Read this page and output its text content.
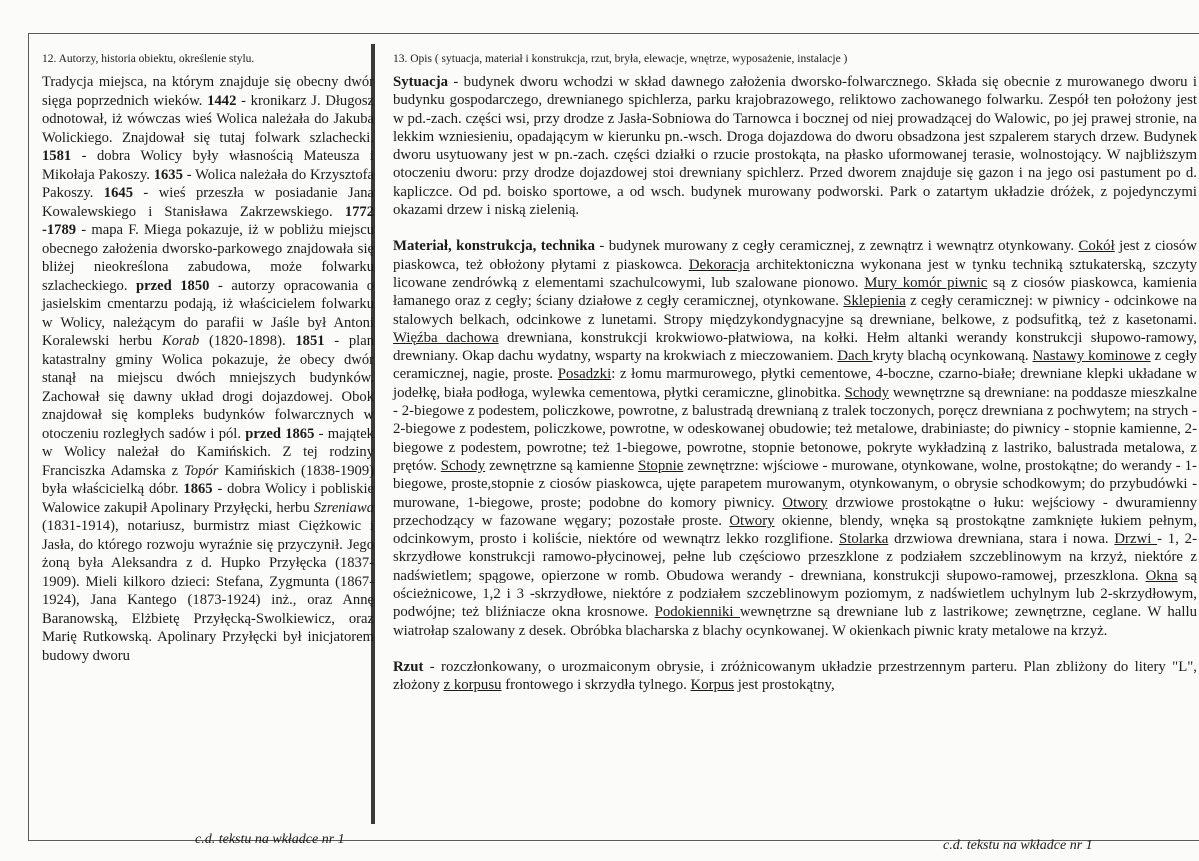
12. Autorzy, historia obiektu, określenie stylu.

Tradycja miejsca, na którym znajduje się obecny dwór sięga poprzednich wieków. 1442 - kronikarz J. Długosz odnotował, iż wówczas wieś Wolica należała do Jakuba Wolickiego. Znajdował się tutaj folwark szlachecki. 1581 - dobra Wolicy były własnością Mateusza i Mikołaja Pakoszy. 1635 - Wolica należała do Krzysztofa Pakoszy. 1645 - wieś przeszła w posiadanie Jana Kowalewskiego i Stanisława Zakrzewskiego. 1772 -1789 - mapa F. Miega pokazuje, iż w pobliżu miejscu obecnego założenia dworsko-parkowego znajdowała się bliżej nieokreślona zabudowa, może folwarku szlacheckiego. przed 1850 - autorzy opracowania o jasielskim cmentarzu podają, iż właścicielem folwarku w Wolicy, należącym do parafii w Jaśle był Antoni Koralewski herbu Korab (1820-1898). 1851 - plan katastralny gminy Wolica pokazuje, że obecy dwór stanął na miejscu dwóch mniejszych budynków. Zachował się dawny układ drogi dojazdowej. Obok znajdował się kompleks budynków folwarcznych w otoczeniu rozległych sadów i pól. przed 1865 - majątek w Wolicy należał do Kamińskich. Z tej rodziny Franciszka Adamska z Topór Kamińskich (1838-1909) była właścicielką dóbr. 1865 - dobra Wolicy i pobliskie Walowice zakupił Apolinary Przyłęcki, herbu Szreniawa (1831-1914), notariusz, burmistrz miast Ciężkowic i Jasła, do którego rozwoju wyraźnie się przyczynił. Jego żoną była Aleksandra z d. Hupko Przyłęcka (1837-1909). Mieli kilkoro dzieci: Stefana, Zygmunta (1867-1924), Jana Kantego (1873-1924) inż., oraz Annę Baranowską, Elżbietę Przyłęcką-Swolkiewicz, oraz Marię Rutkowską. Apolinary Przyłęcki był inicjatorem budowy dworu

13. Opis ( sytuacja, materiał i konstrukcja, rzut, bryła, elewacje, wnętrze, wyposażenie, instalacje )

Sytuacja - budynek dworu wchodzi w skład dawnego założenia dworsko-folwarcznego. Składa się obecnie z murowanego dworu i budynku gospodarczego, drewnianego spichlerza, parku krajobrazowego, reliktowo zachowanego folwarku. Zespół ten położony jest w pd.-zach. części wsi, przy drodze z Jasła-Sobniowa do Tarnowca i bocznej od niej prowadzącej do Walowic, po jej prawej stronie, na lekkim wzniesieniu, opadającym w kierunku pn.-wsch. Droga dojazdowa do dworu obsadzona jest szpalerem starych drzew. Budynek dworu usytuowany jest w pn.-zach. części działki o rzucie prostokąta, na płasko uformowanej terasie, wolnostojący. W najbliższym otoczeniu dworu: przy drodze dojazdowej stoi drewniany spichlerz. Przed dworem znajduje się gazon i na jego osi pastument po d. kapliczce. Od pd. boisko sportowe, a od wsch. budynek murowany podworski. Park o zatartym układzie dróżek, z pojedynczymi okazami drzew i niską zielenią.

Materiał, konstrukcja, technika - budynek murowany z cegły ceramicznej, z zewnątrz i wewnątrz otynkowany. Cokół jest z ciosów piaskowca, też obłożony płytami z piaskowca. Dekoracja architektoniczna wykonana jest w tynku techniką sztukaterską, szczyty licowane zendrówką z elementami szachulcowymi, lub szalowane pionowo. Mury komór piwnic są z ciosów piaskowca, kamienia łamanego oraz z cegły; ściany działowe z cegły ceramicznej, otynkowane. Sklepienia z cegły ceramicznej: w piwnicy - odcinkowe na stalowych belkach, odcinkowe z lunetami. Stropy międzykondygnacyjne są drewniane, belkowe, z podsufitką, też z kasetonami. Więźba dachowa drewniana, konstrukcji krokwiowo-płatwiowa, na kołki. Hełm altanki werandy konstrukcji słupowo-ramowy, drewniany. Okap dachu wydatny, wsparty na krokwiach z mieczowaniem. Dach kryty blachą ocynkowaną. Nastawy kominowe z cegły ceramicznej, nagie, proste. Posadzki: z łomu marmurowego, płytki cementowe, 4-boczne, czarno-białe; drewniane klepki układane w jodełkę, biała podłoga, wylewka cementowa, płytki ceramiczne, glinobitka. Schody wewnętrzne są drewniane: na poddasze mieszkalne - 2-biegowe z podestem, policzkowe, powrotne, z balustradą drewnianą z tralek toczonych, poręcz drewniana z pochwytem; na strych - 2-biegowe z podestem, policzkowe, powrotne, w odeskowanej obudowie; też metalowe, drabiniaste; do piwnicy - stopnie kamienne, 2-biegowe z podestem, powrotne; też 1-biegowe, powrotne, stopnie betonowe, pokryte wykładziną z lastriko, balustrada metalowa, z prętów. Schody zewnętrzne są kamienne Stopnie zewnętrzne: wjściowe - murowane, otynkowane, wolne, prostokątne; do werandy - 1-biegowe, proste,stopnie z ciosów piaskowca, ujęte parapetem murowanym, otynkowanym, o obrysie schodkowym; do przybudówki - murowane, 1-biegowe, proste; podobne do komory piwnicy. Otwory drzwiowe prostokątne o łuku: wejściowy - dwuramienny przechodzący w fazowane węgary; pozostałe proste. Otwory okienne, blendy, wnęka są prostokątne zamknięte łukiem pełnym, odcinkowym, prosto i koliście, niektóre od wewnątrz lekko rozglifione. Stolarka drzwiowa drewniana, stara i nowa. Drzwi - 1, 2-skrzydłowe konstrukcji ramowo-płycinowej, pełne lub częściowo przeszklone z podziałem szczeblinowym na krzyż, niektóre z nadświetlem; spągowe, opierzone w romb. Obudowa werandy - drewniana, konstrukcji słupowo-ramowej, przeszklona. Okna są ościeżnicowe, 1,2 i 3 -skrzydłowe, niektóre z podziałem szczeblinowym poziomym, z nadświetlem uchylnym lub 2-skrzydłowym, podwójne; też bliźniacze okna krosnowe. Podokienniki wewnętrzne są drewniane lub z lastrikowe; zewnętrzne, ceglane. W hallu wiatrołap szalowany z desek. Obróbka blacharska z blachy ocynkowanej. W okienkach piwnic kraty metalowe na krzyż.

Rzut - rozczłonkowany, o urozmaiconym obrysie, i zróżnicowanym układzie przestrzennym parteru. Plan zbliżony do litery "L", złożony z korpusu frontowego i skrzydła tylnego. Korpus jest prostokątny,

c.d. tekstu na wkładce nr 1	c.d. tekstu na wkładce nr 1
